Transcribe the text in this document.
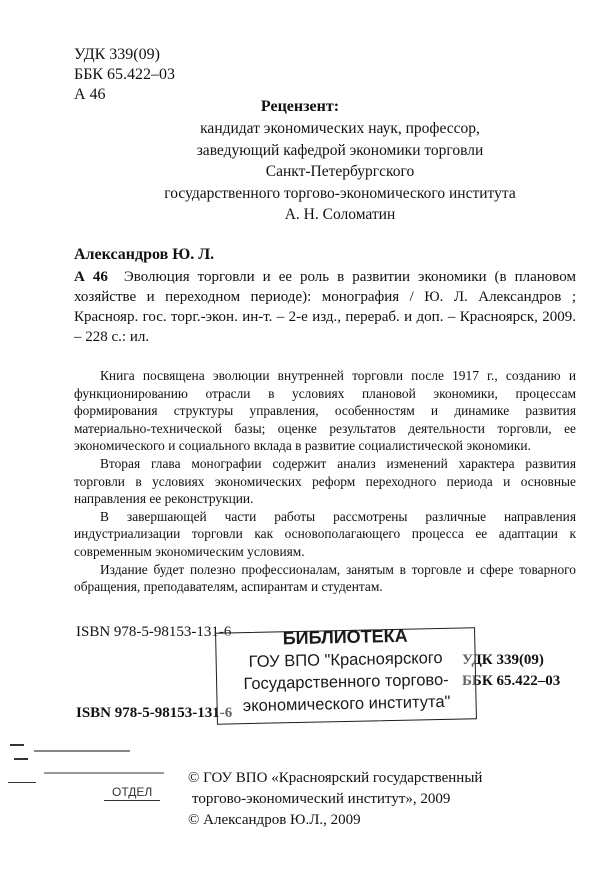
УДК 339(09)
ББК 65.422–03
А 46
Рецензент:
кандидат экономических наук, профессор,
заведующий кафедрой экономики торговли
Санкт-Петербургского
государственного торгово-экономического института
А. Н. Соломатин
Александров Ю. Л.
А 46 Эволюция торговли и ее роль в развитии экономики (в плановом хозяйстве и переходном периоде): монография / Ю. Л. Александров ; Краснояр. гос. торг.-экон. ин-т. – 2-е изд., перераб. и доп. – Красноярск, 2009. – 228 с.: ил.

Книга посвящена эволюции внутренней торговли после 1917 г., созданию и функционированию отрасли в условиях плановой экономики, процессам формирования структуры управления, особенностям и динамике развития материально-технической базы; оценке результатов деятельности торговли, ее экономического и социального вклада в развитие социалистической экономики.

Вторая глава монографии содержит анализ изменений характера развития торговли в условиях экономических реформ переходного периода и основные направления ее реконструкции.

В завершающей части работы рассмотрены различные направления индустриализации торговли как основополагающего процесса ее адаптации к современным экономическим условиям.

Издание будет полезно профессионалам, занятым в торговле и сфере товарного обращения, преподавателям, аспирантам и студентам.

ISBN 978-5-98153-131-6
УДК 339(09)
ББК 65.422–03
ISBN 978-5-98153-131-6
БИБЛИОТЕКА
ГОУ ВПО "Красноярского
Государственного торгово-
экономического института"
ОТДЕЛ
© ГОУ ВПО «Красноярский государственный
торгово-экономический институт», 2009
© Александров Ю.Л., 2009
